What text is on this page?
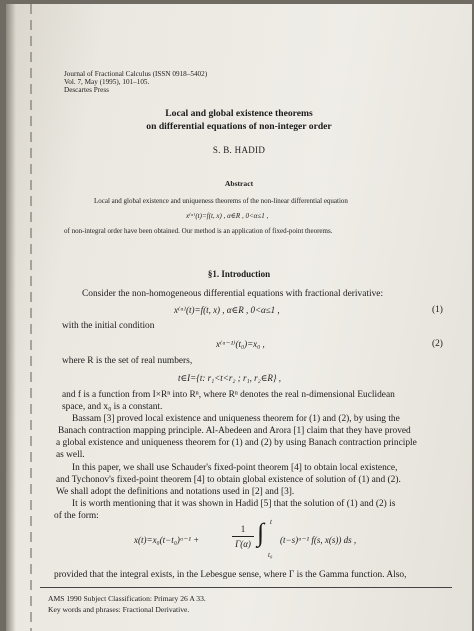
Journal of Fractional Calculus (ISSN 0918–5402)
Vol. 7, May (1995), 101–105.
Descartes Press
Local and global existence theorems
on differential equations of non-integer order
S. B. HADID
Abstract
Local and global existence and uniqueness theorems of the non-linear differential equation
x⁽ᵅ⁾(t)=f(t, x) , α∈R , 0<α≤1 ,
of non-integral order have been obtained. Our method is an application of fixed-point theorems.
§1. Introduction
Consider the non-homogeneous differential equations with fractional derivative:
x⁽ᵅ⁾(t)=f(t, x) , α∈R , 0<α≤1 ,	(1)
with the initial condition
x⁽ᵅ⁻¹⁾(t₀)=x₀ ,	(2)
where R is the set of real numbers,
t∈I={t: r₁<t<r₂ ; r₁, r₂∈R} ,
and f is a function from I×Rⁿ into Rⁿ, where Rⁿ denotes the real n-dimensional Euclidean
space, and x₀ is a constant.
Bassam [3] proved local existence and uniqueness theorem for (1) and (2), by using the
Banach contraction mapping principle. Al-Abedeen and Arora [1] claim that they have proved
a global existence and uniqueness theorem for (1) and (2) by using Banach contraction principle
as well.
In this paper, we shall use Schauder's fixed-point theorem [4] to obtain local existence,
and Tychonov's fixed-point theorem [4] to obtain global existence of solution of (1) and (2).
We shall adopt the definitions and notations used in [2] and [3].
It is worth mentioning that it was shown in Hadid [5] that the solution of (1) and (2) is
of the form:
x(t)=x₀(t−t₀)ᵅ⁻¹ +
1
Γ(α) ∫ t
t₀
(t−s)ᵅ⁻¹ f(s, x(s)) ds ,
provided that the integral exists, in the Lebesgue sense, where Γ is the Gamma function. Also,
AMS 1990 Subject Classification: Primary 26 A 33.
Key words and phrases: Fractional Derivative.
